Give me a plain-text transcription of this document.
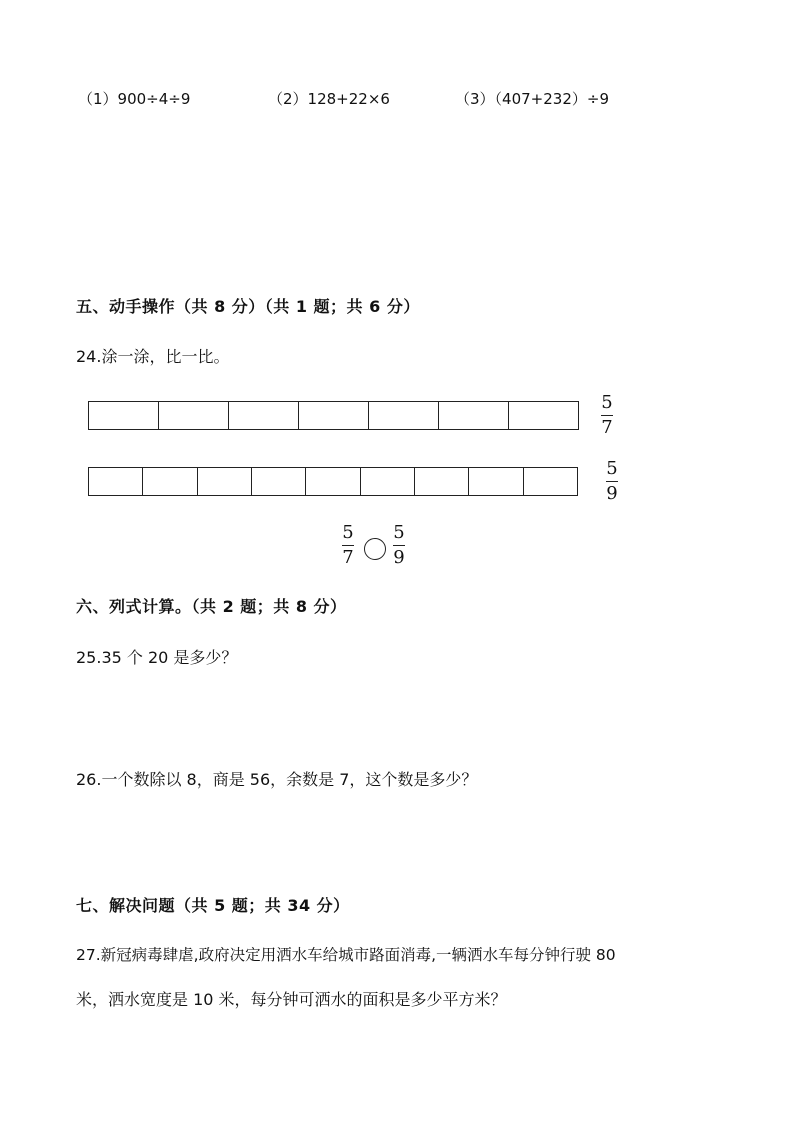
（1）900÷4÷9	（2）128+22×6	（3）（407+232）÷9
五、动手操作（共 8 分）（共 1 题；共 6 分）
24.涂一涂，比一比。
5
7
5
9
5
7
5
9
六、列式计算。（共 2 题；共 8 分）
25.35 个 20 是多少？
26.一个数除以 8，商是 56，余数是 7，这个数是多少？
七、解决问题（共 5 题；共 34 分）
27.新冠病毒肆虐,政府决定用洒水车给城市路面消毒,一辆洒水车每分钟行驶 80
米，洒水宽度是 10 米，每分钟可洒水的面积是多少平方米？
